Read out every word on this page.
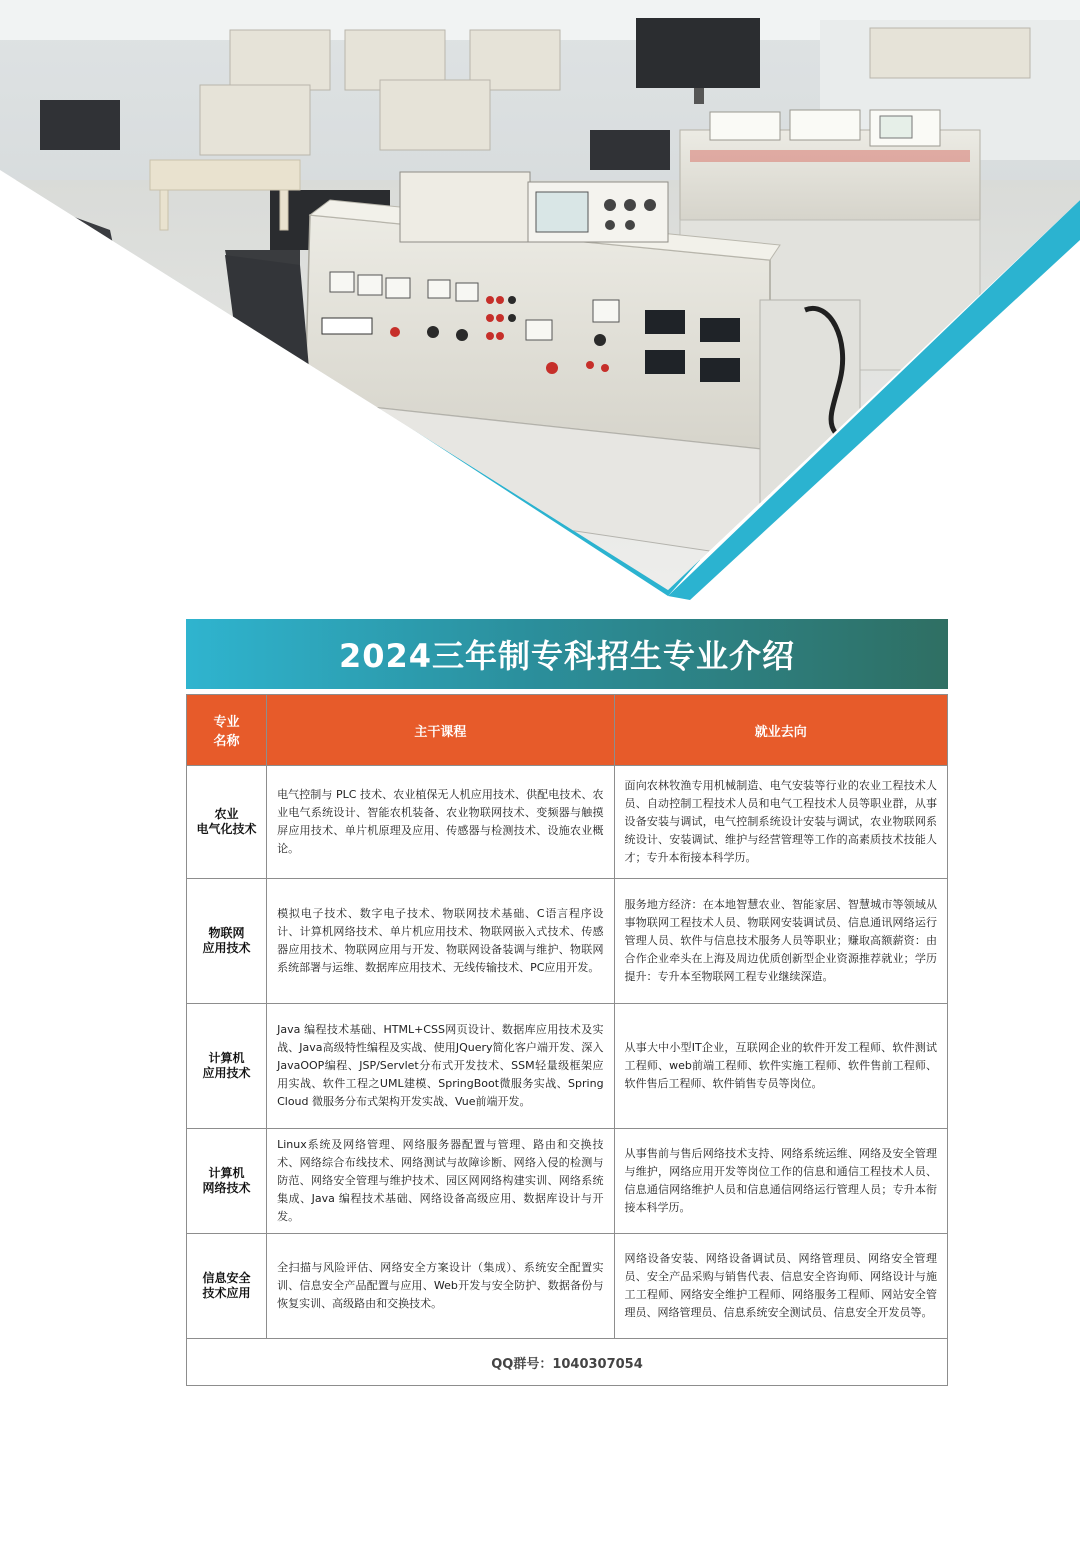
2024三年制专科招生专业介绍
专业
名称	主干课程	就业去向

农业
电气化技术	电气控制与 PLC 技术、农业植保无人机应用技术、供配电技术、农业电气系统设计、智能农机装备、农业物联网技术、变频器与触摸屏应用技术、单片机原理及应用、传感器与检测技术、设施农业概论。	面向农林牧渔专用机械制造、电气安装等行业的农业工程技术人员、自动控制工程技术人员和电气工程技术人员等职业群，从事设备安装与调试，电气控制系统设计安装与调试，农业物联网系统设计、安装调试、维护与经营管理等工作的高素质技术技能人才；专升本衔接本科学历。

物联网
应用技术	模拟电子技术、数字电子技术、物联网技术基础、C语言程序设计、计算机网络技术、单片机应用技术、物联网嵌入式技术、传感器应用技术、物联网应用与开发、物联网设备装调与维护、物联网系统部署与运维、数据库应用技术、无线传输技术、PC应用开发。	服务地方经济：在本地智慧农业、智能家居、智慧城市等领域从事物联网工程技术人员、物联网安装调试员、信息通讯网络运行管理人员、软件与信息技术服务人员等职业；赚取高额薪资：由合作企业牵头在上海及周边优质创新型企业资源推荐就业；学历提升：专升本至物联网工程专业继续深造。

计算机
应用技术	Java 编程技术基础、HTML+CSS网页设计、数据库应用技术及实战、Java高级特性编程及实战、使用JQuery简化客户端开发、深入JavaOOP编程、JSP/Servlet分布式开发技术、SSM轻量级框架应用实战、软件工程之UML建模、SpringBoot微服务实战、Spring Cloud 微服务分布式架构开发实战、Vue前端开发。	从事大中小型IT企业，互联网企业的软件开发工程师、软件测试工程师、web前端工程师、软件实施工程师、软件售前工程师、软件售后工程师、软件销售专员等岗位。

计算机
网络技术	Linux系统及网络管理、网络服务器配置与管理、路由和交换技术、网络综合布线技术、网络测试与故障诊断、网络入侵的检测与防范、网络安全管理与维护技术、园区网网络构建实训、网络系统集成、Java 编程技术基础、网络设备高级应用、数据库设计与开发。	从事售前与售后网络技术支持、网络系统运维、网络及安全管理与维护，网络应用开发等岗位工作的信息和通信工程技术人员、信息通信网络维护人员和信息通信网络运行管理人员；专升本衔接本科学历。

信息安全
技术应用	全扫描与风险评估、网络安全方案设计（集成）、系统安全配置实训、信息安全产品配置与应用、Web开发与安全防护、数据备份与恢复实训、高级路由和交换技术。	网络设备安装、网络设备调试员、网络管理员、网络安全管理员、安全产品采购与销售代表、信息安全咨询师、网络设计与施工工程师、网络安全维护工程师、网络服务工程师、网站安全管理员、网络管理员、信息系统安全测试员、信息安全开发员等。
QQ群号：1040307054		
